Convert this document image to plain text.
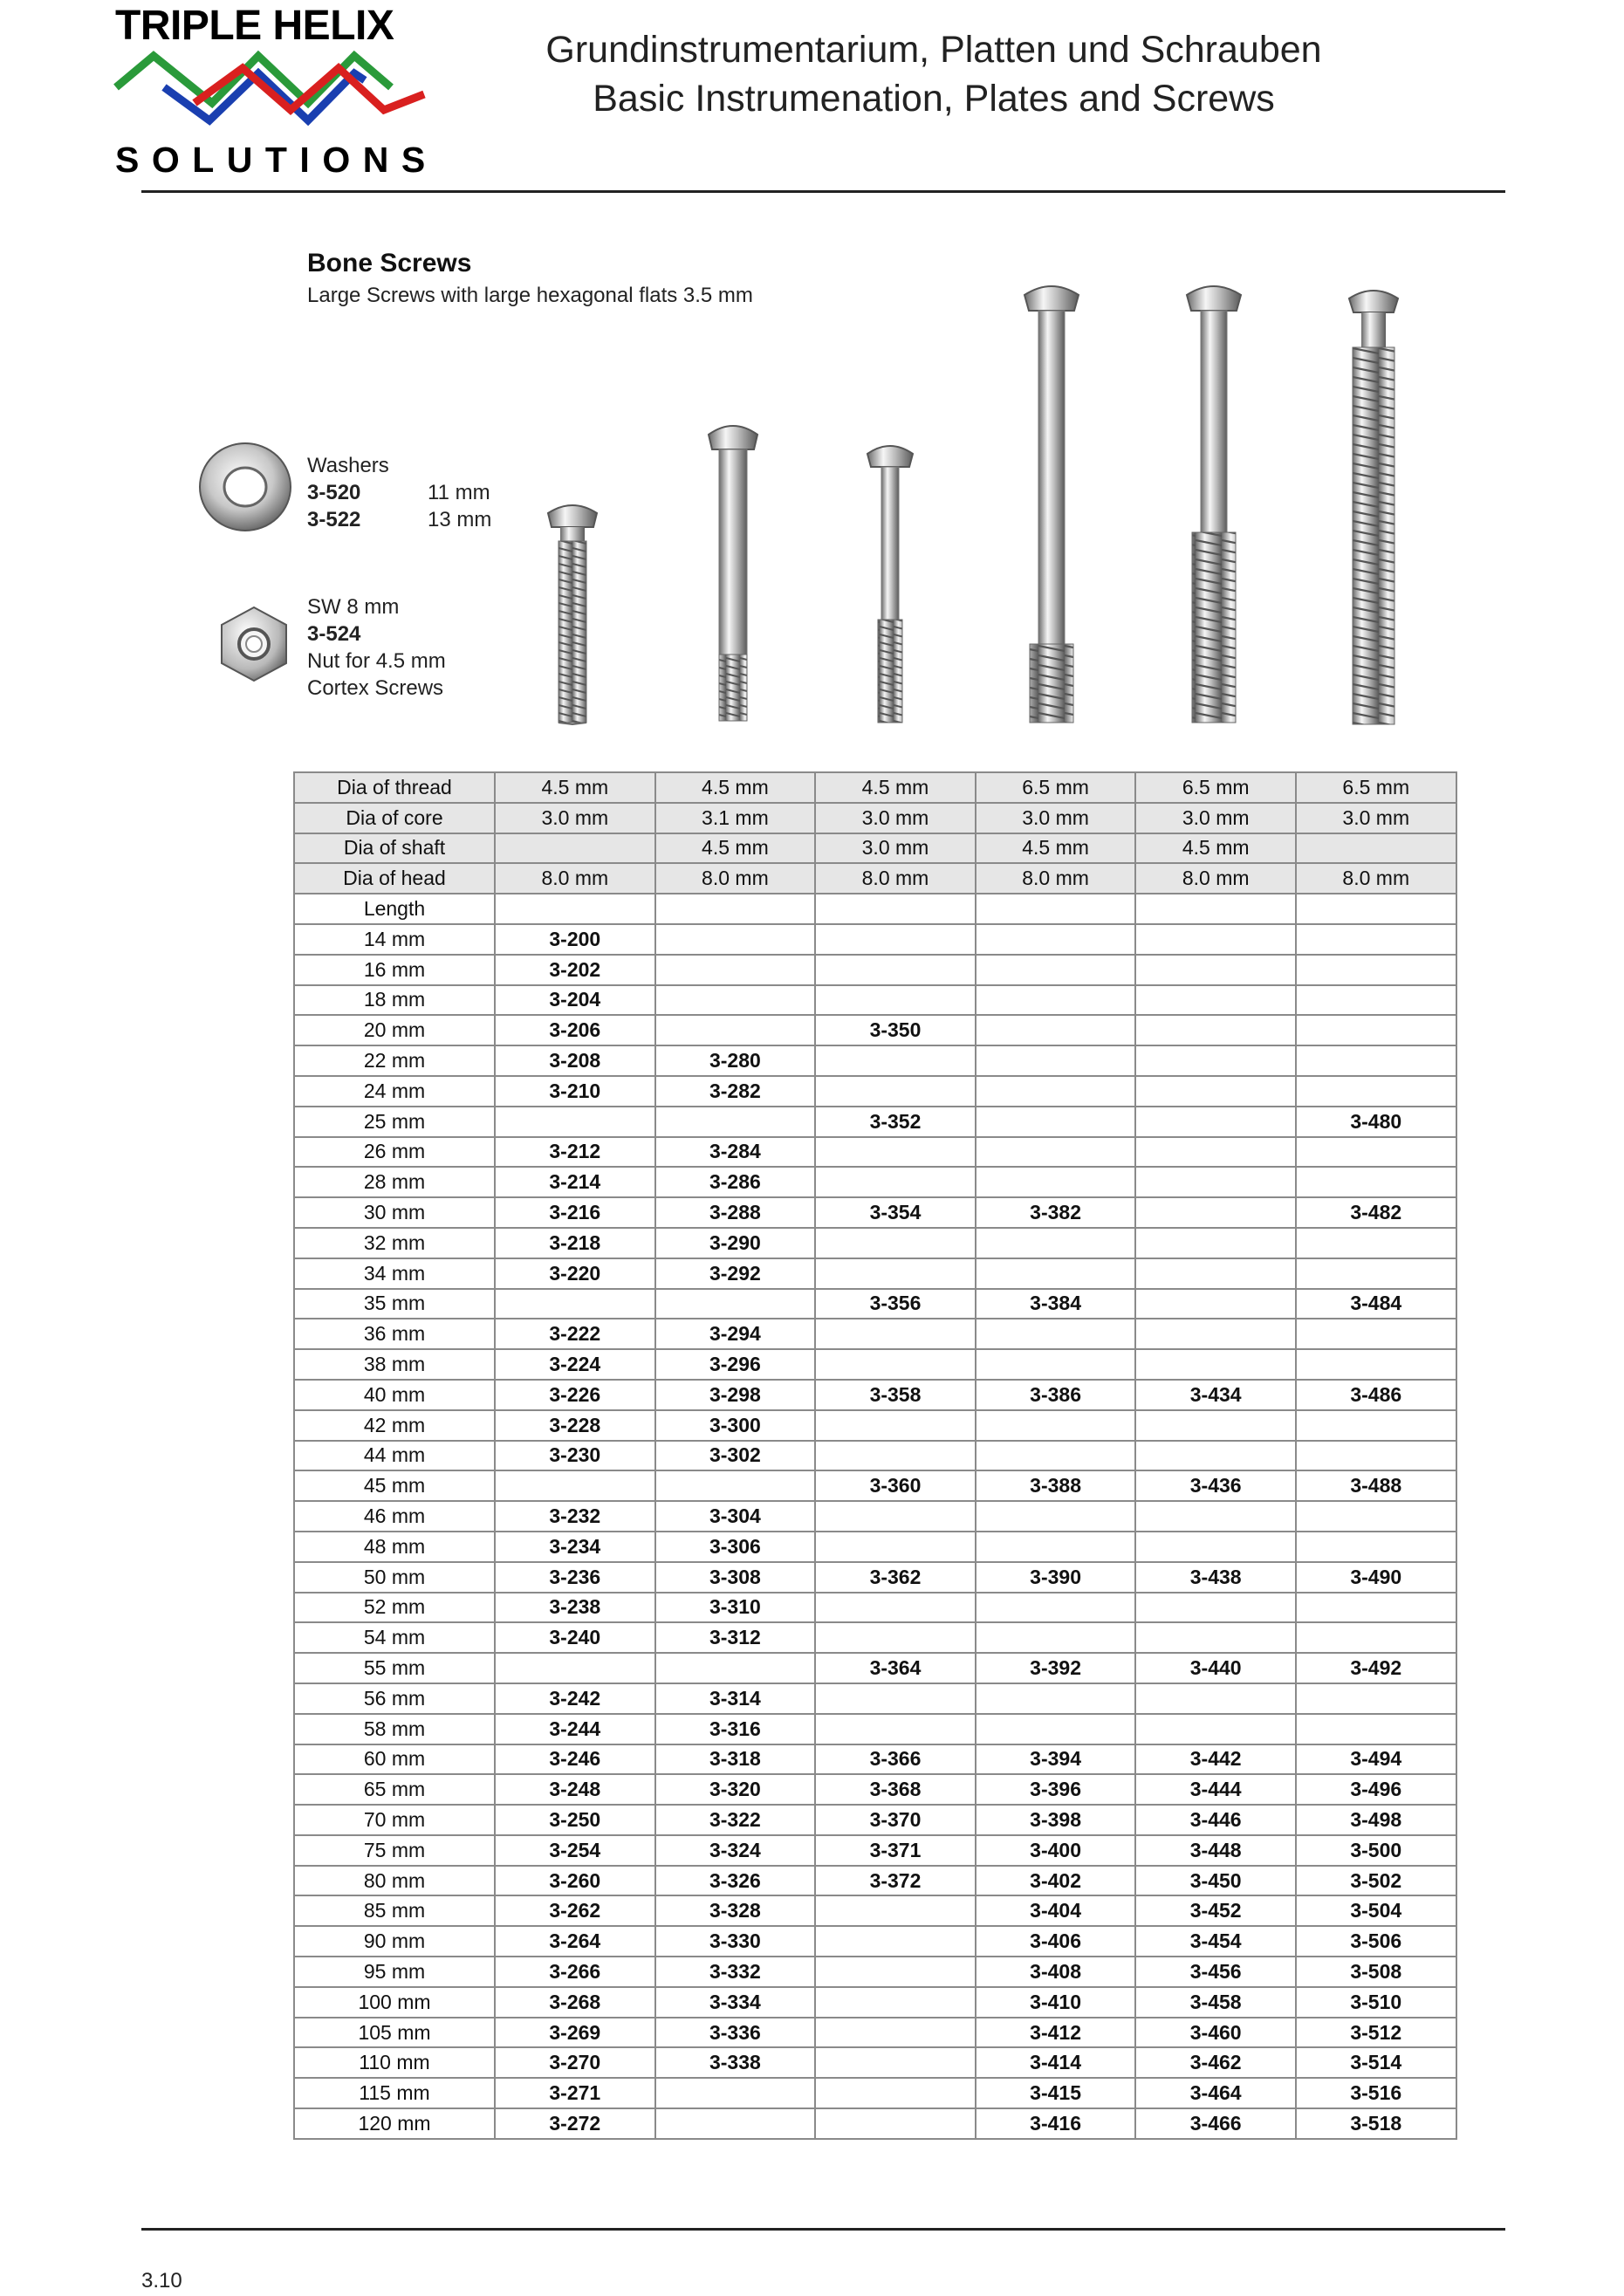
TRIPLE HELIX
SOLUTIONS
Grundinstrumentarium, Platten und Schrauben
Basic Instrumenation, Plates and Screws
Bone Screws
Large Screws with large hexagonal flats 3.5 mm
Washers
3-520	11 mm
3-522	13 mm
SW 8 mm
3-524
Nut for 4.5 mm
Cortex Screws
Dia of thread	4.5 mm	4.5 mm	4.5 mm	6.5 mm	6.5 mm	6.5 mm
Dia of core	3.0 mm	3.1 mm	3.0 mm	3.0 mm	3.0 mm	3.0 mm
Dia of shaft		4.5 mm	3.0 mm	4.5 mm	4.5 mm	
Dia of head	8.0 mm	8.0 mm	8.0 mm	8.0 mm	8.0 mm	8.0 mm
Length						
14 mm	3-200					
16 mm	3-202					
18 mm	3-204					
20 mm	3-206		3-350			
22 mm	3-208	3-280				
24 mm	3-210	3-282				
25 mm			3-352			3-480
26 mm	3-212	3-284				
28 mm	3-214	3-286				
30 mm	3-216	3-288	3-354	3-382		3-482
32 mm	3-218	3-290				
34 mm	3-220	3-292				
35 mm			3-356	3-384		3-484
36 mm	3-222	3-294				
38 mm	3-224	3-296				
40 mm	3-226	3-298	3-358	3-386	3-434	3-486
42 mm	3-228	3-300				
44 mm	3-230	3-302				
45 mm			3-360	3-388	3-436	3-488
46 mm	3-232	3-304				
48 mm	3-234	3-306				
50 mm	3-236	3-308	3-362	3-390	3-438	3-490
52 mm	3-238	3-310				
54 mm	3-240	3-312				
55 mm			3-364	3-392	3-440	3-492
56 mm	3-242	3-314				
58 mm	3-244	3-316				
60 mm	3-246	3-318	3-366	3-394	3-442	3-494
65 mm	3-248	3-320	3-368	3-396	3-444	3-496
70 mm	3-250	3-322	3-370	3-398	3-446	3-498
75 mm	3-254	3-324	3-371	3-400	3-448	3-500
80 mm	3-260	3-326	3-372	3-402	3-450	3-502
85 mm	3-262	3-328		3-404	3-452	3-504
90 mm	3-264	3-330		3-406	3-454	3-506
95 mm	3-266	3-332		3-408	3-456	3-508
100 mm	3-268	3-334		3-410	3-458	3-510
105 mm	3-269	3-336		3-412	3-460	3-512
110 mm	3-270	3-338		3-414	3-462	3-514
115 mm	3-271			3-415	3-464	3-516
120 mm	3-272			3-416	3-466	3-518
3.10
